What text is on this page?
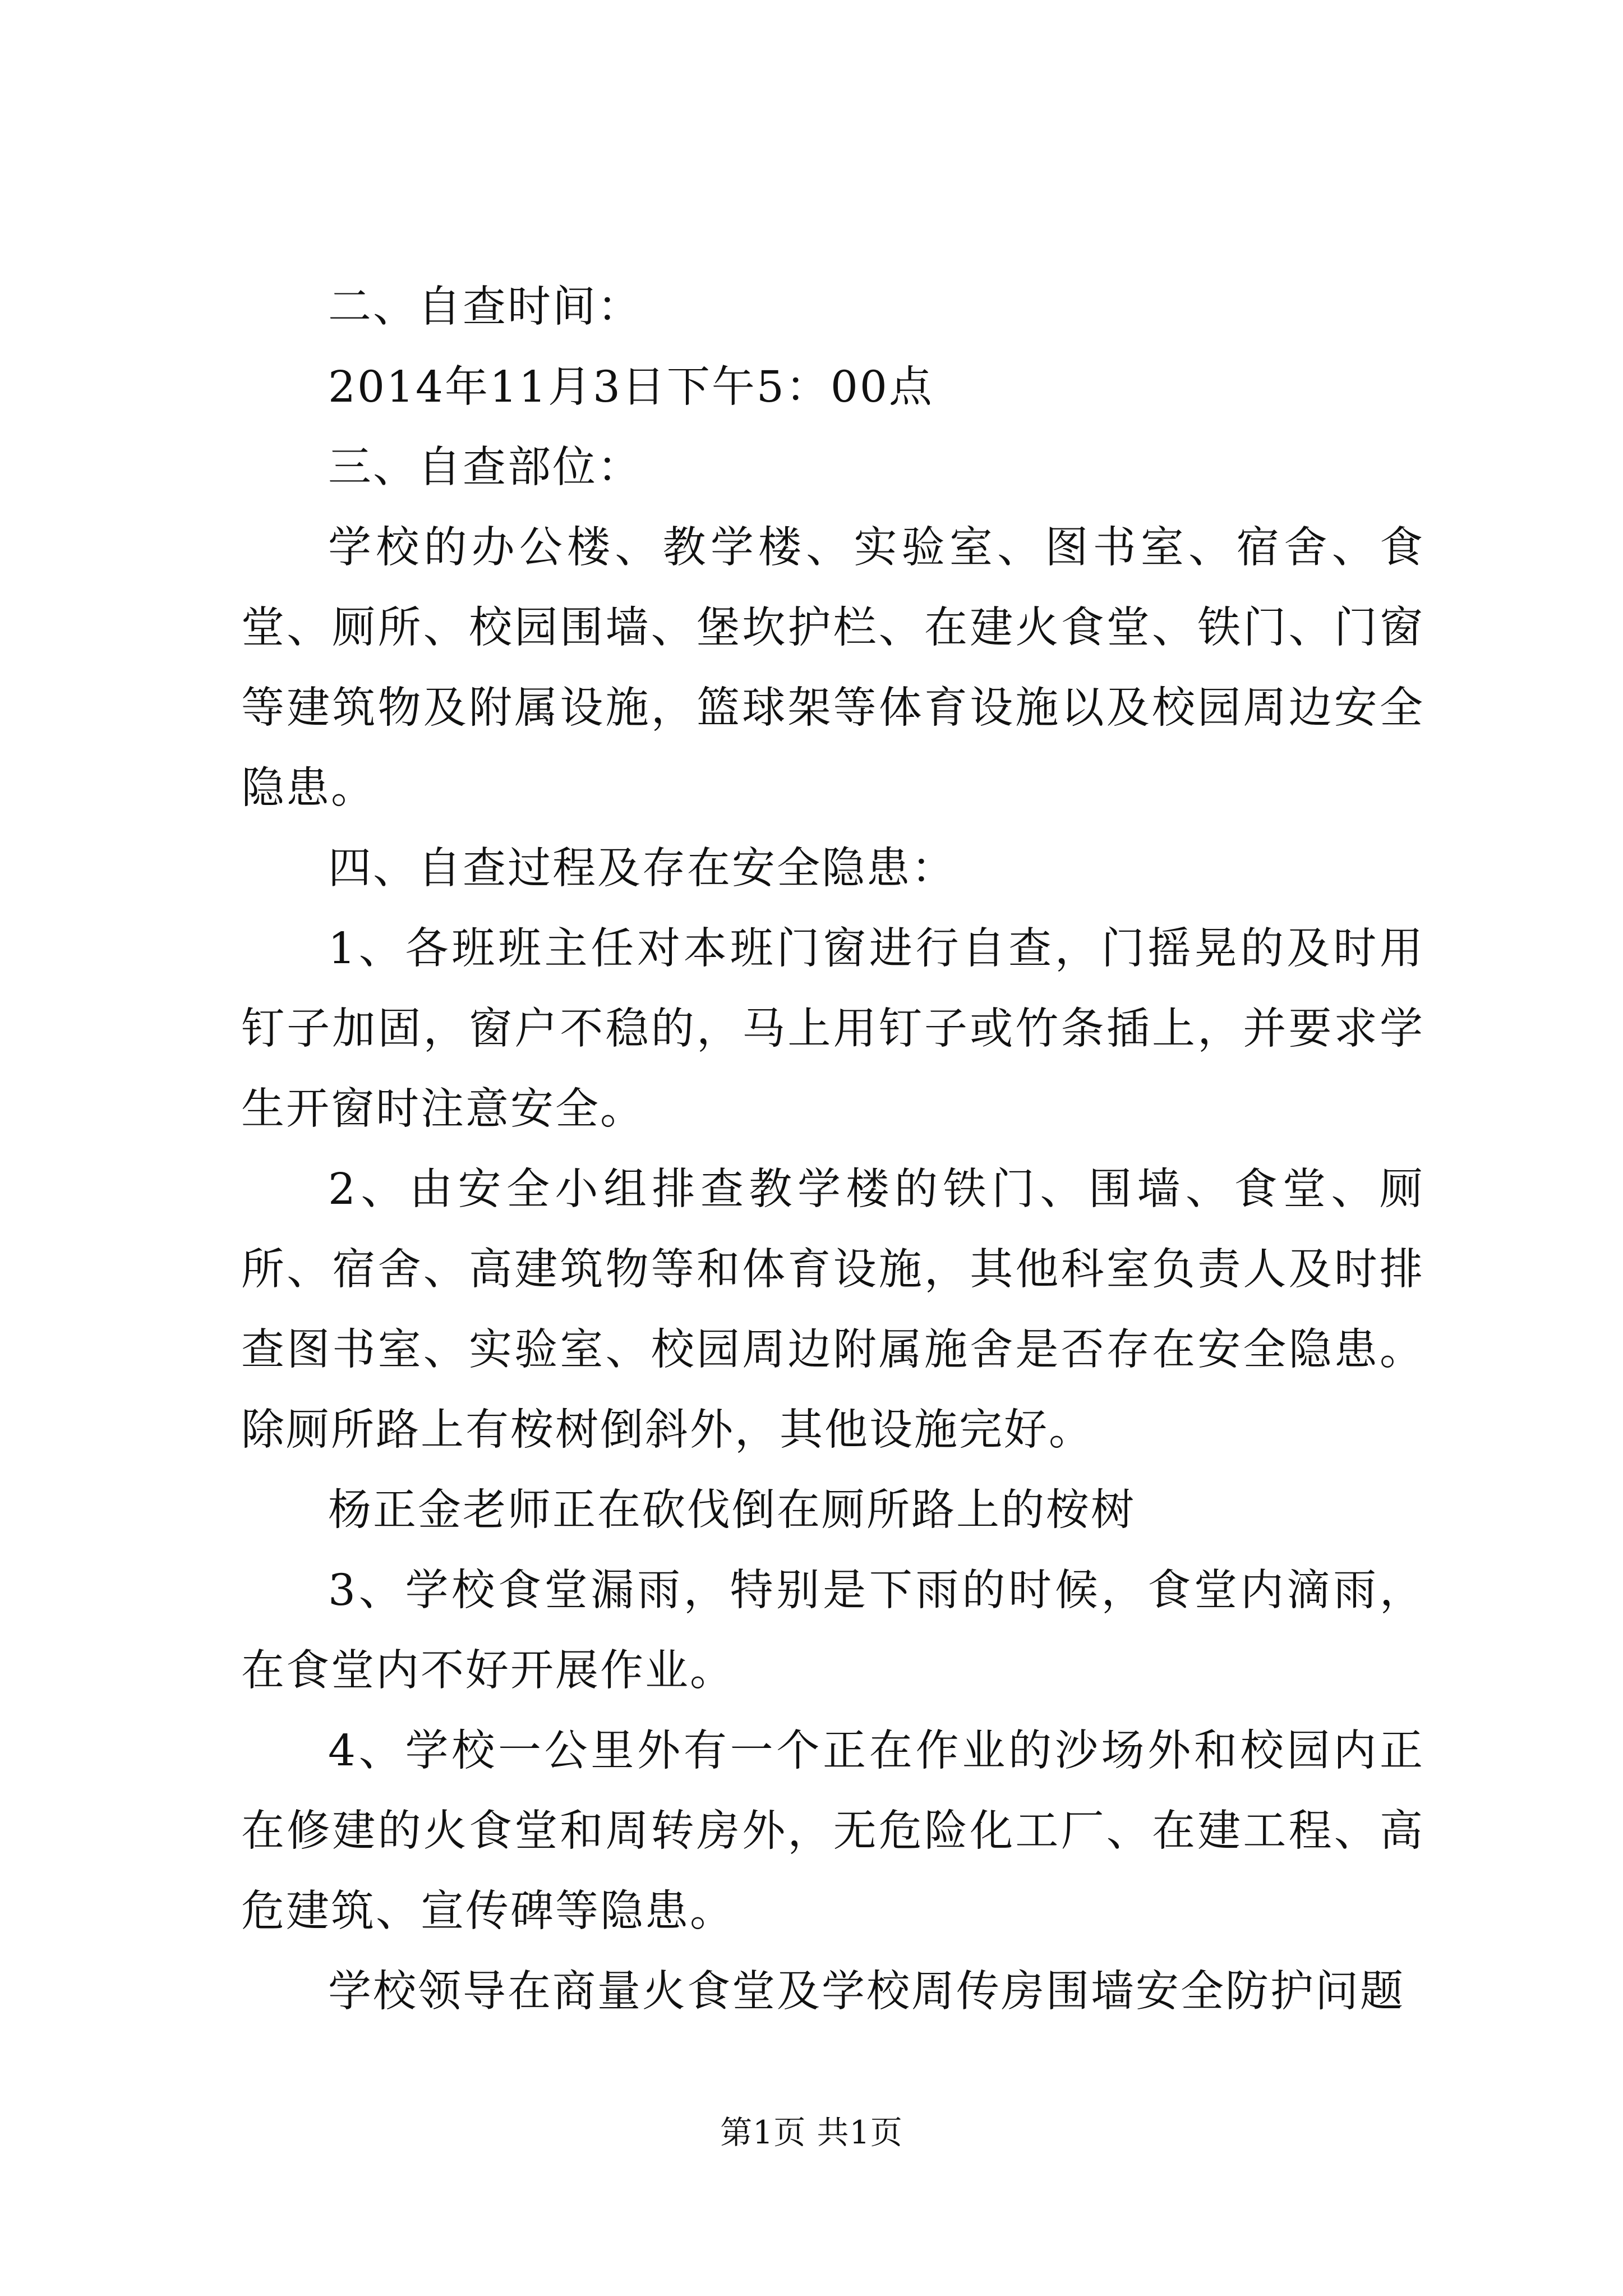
二、自查时间：

2014年11月3日下午5：00点

三、自查部位：

学校的办公楼、教学楼、实验室、图书室、宿舍、食堂、厕所、校园围墙、堡坎护栏、在建火食堂、铁门、门窗等建筑物及附属设施，篮球架等体育设施以及校园周边安全隐患。

四、自查过程及存在安全隐患：

1、各班班主任对本班门窗进行自查，门摇晃的及时用钉子加固，窗户不稳的，马上用钉子或竹条插上，并要求学生开窗时注意安全。

2、由安全小组排查教学楼的铁门、围墙、食堂、厕所、宿舍、高建筑物等和体育设施，其他科室负责人及时排查图书室、实验室、校园周边附属施舍是否存在安全隐患。除厕所路上有桉树倒斜外，其他设施完好。

杨正金老师正在砍伐倒在厕所路上的桉树

3、学校食堂漏雨，特别是下雨的时候，食堂内滴雨，在食堂内不好开展作业。

4、学校一公里外有一个正在作业的沙场外和校园内正在修建的火食堂和周转房外，无危险化工厂、在建工程、高危建筑、宣传碑等隐患。

学校领导在商量火食堂及学校周传房围墙安全防护问题

第1页 共1页
